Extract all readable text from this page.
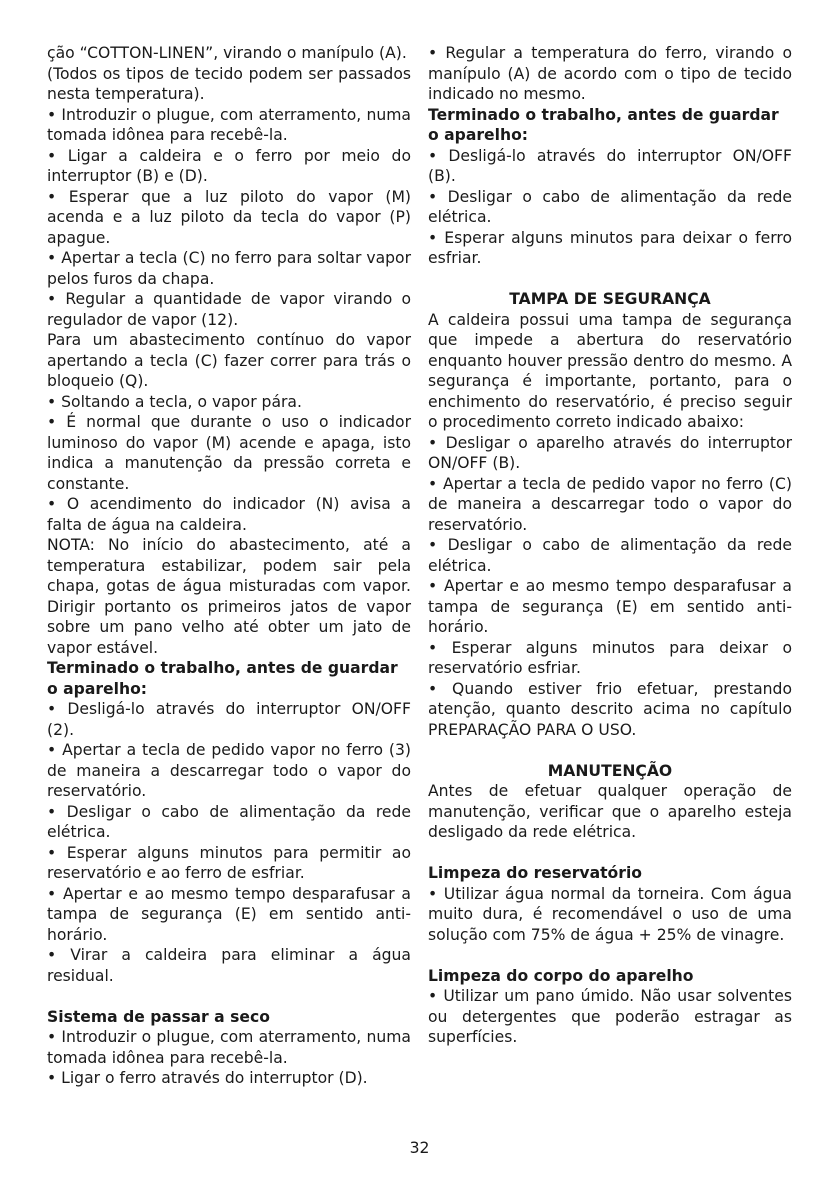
ção “COTTON-LINEN”, virando o manípulo (A).

(Todos os tipos de tecido podem ser passados nesta temperatura).

• Introduzir o plugue, com aterramento, numa tomada idônea para recebê-la.

• Ligar a caldeira e o ferro por meio do interruptor (B) e (D).

• Esperar que a luz piloto do vapor (M) acenda e a luz piloto da tecla do vapor (P) apague.

• Apertar a tecla (C) no ferro para soltar vapor pelos furos da chapa.

• Regular a quantidade de vapor virando o regulador de vapor (12).

Para um abastecimento contínuo do vapor apertando a tecla (C) fazer correr para trás o bloqueio (Q).

• Soltando a tecla, o vapor pára.

• É normal que durante o uso o indicador luminoso do vapor (M) acende e apaga, isto indica a manutenção da pressão correta e constante.

• O acendimento do indicador (N) avisa a falta de água na caldeira.

NOTA: No início do abastecimento, até a temperatura estabilizar, podem sair pela chapa, gotas de água misturadas com vapor. Dirigir portanto os primeiros jatos de vapor sobre um pano velho até obter um jato de vapor estável.

Terminado o trabalho, antes de guardar o aparelho:

• Desligá-lo através do interruptor ON/OFF (2).

• Apertar a tecla de pedido vapor no ferro (3) de maneira a descarregar todo o vapor do reservatório.

• Desligar o cabo de alimentação da rede elétrica.

• Esperar alguns minutos para permitir ao reservatório e ao ferro de esfriar.

• Apertar e ao mesmo tempo desparafusar a tampa de segurança (E) em sentido anti-horário.

• Virar a caldeira para eliminar a água residual.

Sistema de passar a seco

• Introduzir o plugue, com aterramento, numa tomada idônea para recebê-la.

• Ligar o ferro através do interruptor (D).

• Regular a temperatura do ferro, virando o manípulo (A) de acordo com o tipo de tecido indicado no mesmo.

Terminado o trabalho, antes de guardar o aparelho:

• Desligá-lo através do interruptor ON/OFF (B).

• Desligar o cabo de alimentação da rede elétrica.

• Esperar alguns minutos para deixar o ferro esfriar.

TAMPA DE SEGURANÇA

A caldeira possui uma tampa de segurança que impede a abertura do reservatório enquanto houver pressão dentro do mesmo. A segurança é importante, portanto, para o enchimento do reservatório, é preciso seguir o procedimento correto indicado abaixo:

• Desligar o aparelho através do interruptor ON/OFF (B).

• Apertar a tecla de pedido vapor no ferro (C) de maneira a descarregar todo o vapor do reservatório.

• Desligar o cabo de alimentação da rede elétrica.

• Apertar e ao mesmo tempo desparafusar a tampa de segurança (E) em sentido anti-horário.

• Esperar alguns minutos para deixar o reservatório esfriar.

• Quando estiver frio efetuar, prestando atenção, quanto descrito acima no capítulo PREPARAÇÃO PARA O USO.

MANUTENÇÃO

Antes de efetuar qualquer operação de manutenção, verificar que o aparelho esteja desligado da rede elétrica.

Limpeza do reservatório

• Utilizar água normal da torneira. Com água muito dura, é recomendável o uso de uma solução com 75% de água + 25% de vinagre.

Limpeza do corpo do aparelho

• Utilizar um pano úmido. Não usar solventes ou detergentes que poderão estragar as superfícies.

32
